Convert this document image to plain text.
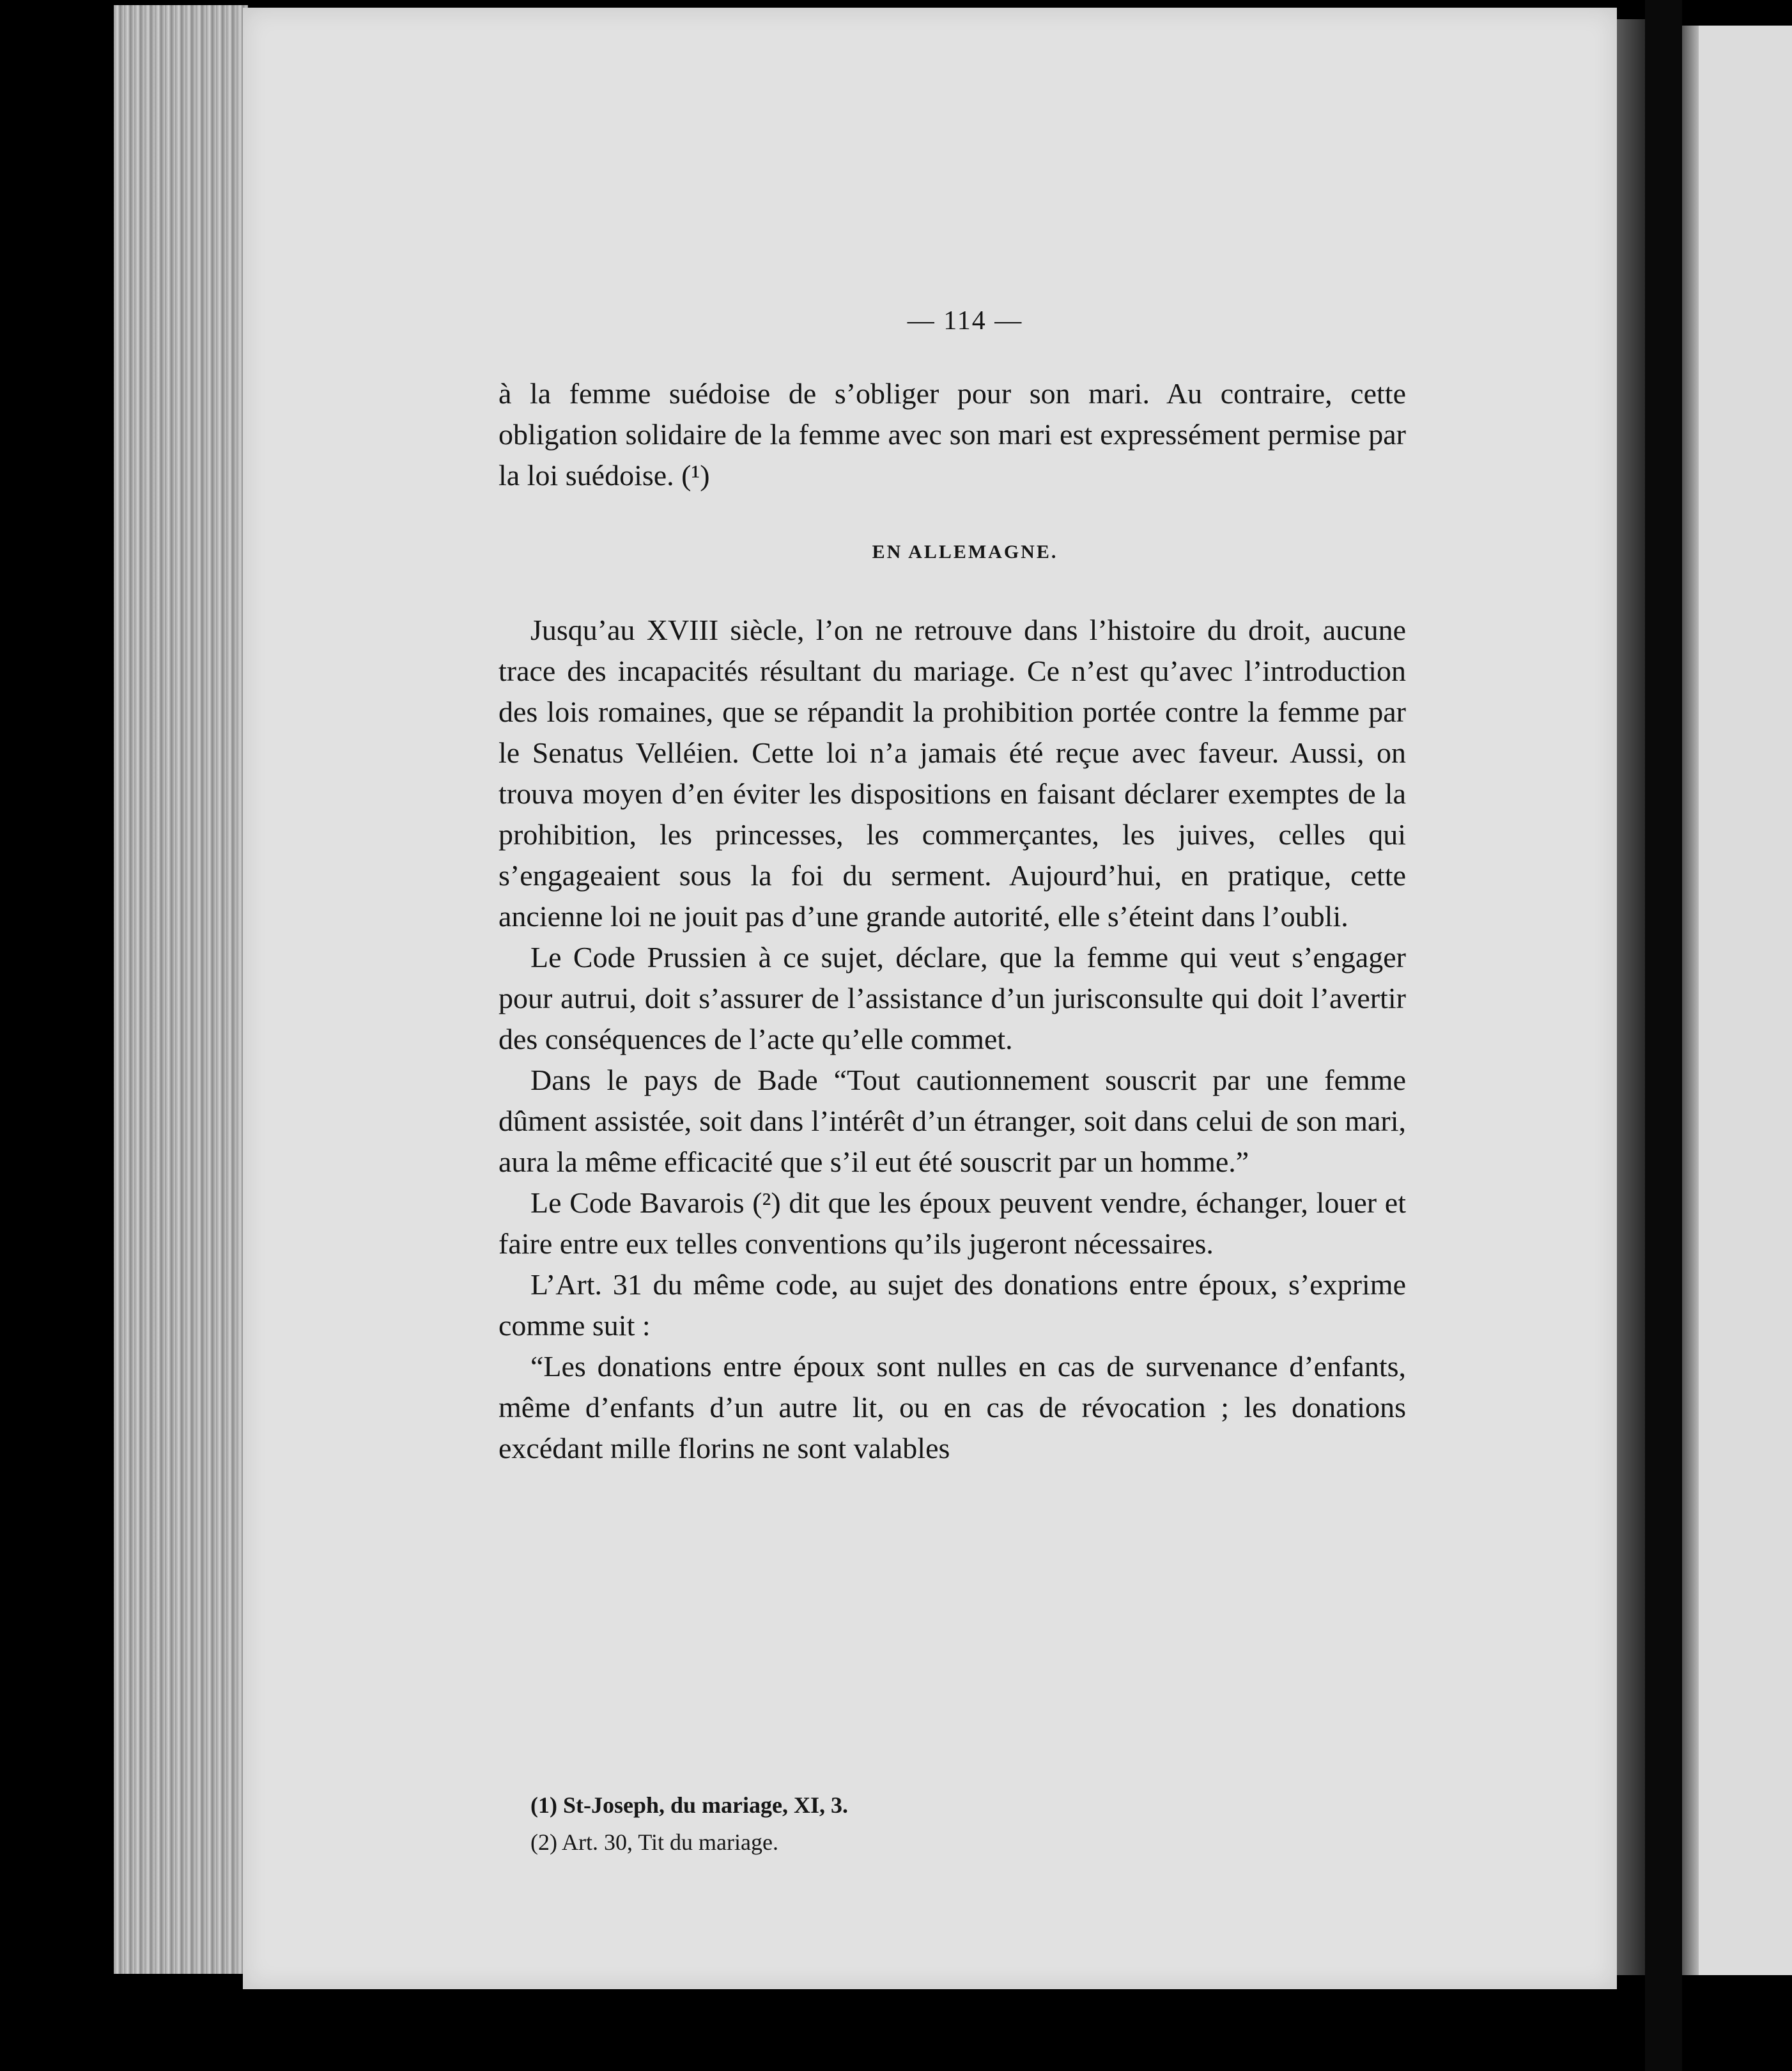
— 114 —

à la femme suédoise de s’obliger pour son mari. Au contraire, cette obligation solidaire de la femme avec son mari est expressément permise par la loi suédoise. (¹)

EN ALLEMAGNE.

Jusqu’au XVIII siècle, l’on ne retrouve dans l’histoire du droit, aucune trace des incapacités résultant du mariage. Ce n’est qu’avec l’introduction des lois romaines, que se répandit la prohibition portée contre la femme par le Senatus Velléien. Cette loi n’a jamais été reçue avec faveur. Aussi, on trouva moyen d’en éviter les dispositions en faisant déclarer exemptes de la prohibition, les princesses, les commerçantes, les juives, celles qui s’engageaient sous la foi du serment. Aujourd’hui, en pratique, cette ancienne loi ne jouit pas d’une grande autorité, elle s’éteint dans l’oubli.

Le Code Prussien à ce sujet, déclare, que la femme qui veut s’engager pour autrui, doit s’assurer de l’assistance d’un jurisconsulte qui doit l’avertir des conséquences de l’acte qu’elle commet.

Dans le pays de Bade “Tout cautionnement souscrit par une femme dûment assistée, soit dans l’intérêt d’un étranger, soit dans celui de son mari, aura la même efficacité que s’il eut été souscrit par un homme.”

Le Code Bavarois (²) dit que les époux peuvent vendre, échanger, louer et faire entre eux telles conventions qu’ils jugeront nécessaires.

L’Art. 31 du même code, au sujet des donations entre époux, s’exprime comme suit :

“Les donations entre époux sont nulles en cas de survenance d’enfants, même d’enfants d’un autre lit, ou en cas de révocation ; les donations excédant mille florins ne sont valables

(1) St-Joseph, du mariage, XI, 3.
(2) Art. 30, Tit du mariage.
